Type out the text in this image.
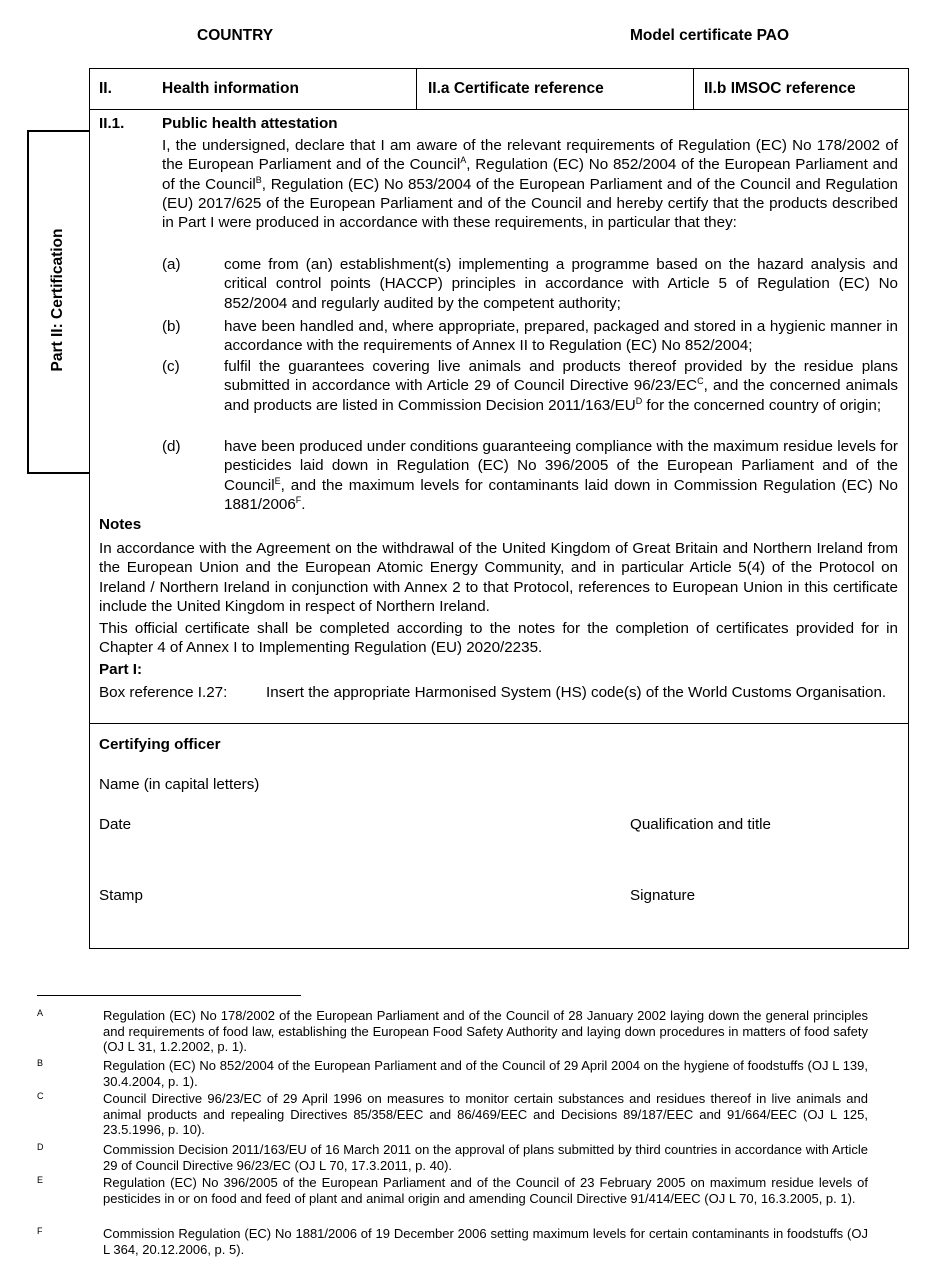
COUNTRY	Model certificate PAO
II.	Health information	II.a Certificate reference	II.b IMSOC reference
Part II: Certification
II.1. Public health attestation
I, the undersigned, declare that I am aware of the relevant requirements of Regulation (EC) No 178/2002 of the European Parliament and of the Council$^A$, Regulation (EC) No 852/2004 of the European Parliament and of the Council$^B$, Regulation (EC) No 853/2004 of the European Parliament and of the Council and Regulation (EU) 2017/625 of the European Parliament and of the Council and hereby certify that the products described in Part I were produced in accordance with these requirements, in particular that they:
(a)	come from (an) establishment(s) implementing a programme based on the hazard analysis and critical control points (HACCP) principles in accordance with Article 5 of Regulation (EC) No 852/2004 and regularly audited by the competent authority;
(b)	have been handled and, where appropriate, prepared, packaged and stored in a hygienic manner in accordance with the requirements of Annex II to Regulation (EC) No 852/2004;
(c)	fulfil the guarantees covering live animals and products thereof provided by the residue plans submitted in accordance with Article 29 of Council Directive $96/23/EC^C$, and the concerned animals and products are listed in Commission Decision $2011/163/EU^D$ for the concerned country of origin;
(d)	have been produced under conditions guaranteeing compliance with the maximum residue levels for pesticides laid down in Regulation (EC) No 396/2005 of the European Parliament and of the Council$^E$, and the maximum levels for contaminants laid down in Commission Regulation (EC) No $1881/2006^F$.
Notes
In accordance with the Agreement on the withdrawal of the United Kingdom of Great Britain and Northern Ireland from the European Union and the European Atomic Energy Community, and in particular Article 5(4) of the Protocol on Ireland / Northern Ireland in conjunction with Annex 2 to that Protocol, references to European Union in this certificate include the United Kingdom in respect of Northern Ireland.
This official certificate shall be completed according to the notes for the completion of certificates provided for in Chapter 4 of Annex I to Implementing Regulation (EU) 2020/2235.
Part I:
Box reference I.27:	Insert the appropriate Harmonised System (HS) code(s) of the World Customs Organisation.
Certifying officer
Name (in capital letters)
Date	Qualification and title
Stamp	Signature
A	Regulation (EC) No 178/2002 of the European Parliament and of the Council of 28 January 2002 laying down the general principles and requirements of food law, establishing the European Food Safety Authority and laying down procedures in matters of food safety (OJ L 31, 1.2.2002, p. 1).
B	Regulation (EC) No 852/2004 of the European Parliament and of the Council of 29 April 2004 on the hygiene of foodstuffs (OJ L 139, 30.4.2004, p. 1).
C	Council Directive 96/23/EC of 29 April 1996 on measures to monitor certain substances and residues thereof in live animals and animal products and repealing Directives 85/358/EEC and 86/469/EEC and Decisions 89/187/EEC and 91/664/EEC (OJ L 125, 23.5.1996, p. 10).
D	Commission Decision 2011/163/EU of 16 March 2011 on the approval of plans submitted by third countries in accordance with Article 29 of Council Directive 96/23/EC (OJ L 70, 17.3.2011, p. 40).
E	Regulation (EC) No 396/2005 of the European Parliament and of the Council of 23 February 2005 on maximum residue levels of pesticides in or on food and feed of plant and animal origin and amending Council Directive 91/414/EEC (OJ L 70, 16.3.2005, p. 1).
F	Commission Regulation (EC) No 1881/2006 of 19 December 2006 setting maximum levels for certain contaminants in foodstuffs (OJ L 364, 20.12.2006, p. 5).
